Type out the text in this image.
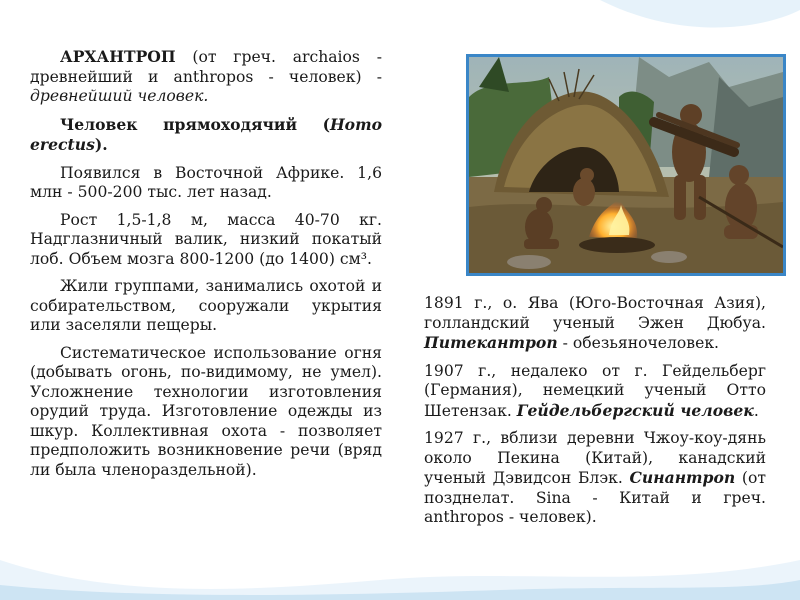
АРХАНТРОП (от греч. archaios - древнейший и anthropos - человек) - древнейший человек.

Человек прямоходячий (Homo erectus).

Появился в Восточной Африке. 1,6 млн - 500-200 тыс. лет назад.

Рост 1,5-1,8 м, масса 40-70 кг. Надглазничный валик, низкий покатый лоб. Объем мозга 800-1200 (до 1400) см³.

Жили группами, занимались охотой и собирательством, сооружали укрытия или заселяли пещеры.

Систематическое использование огня (добывать огонь, по-видимому, не умел). Усложнение технологии изготовления орудий труда. Изготовление одежды из шкур. Коллективная охота - позволяет предположить возникновение речи (вряд ли была членораздельной).

1891 г., о. Ява (Юго-Восточная Азия), голландский ученый Эжен Дюбуа. Питекантроп - обезьяночеловек.

1907 г., недалеко от г. Гейдельберг (Германия), немецкий ученый Отто Шетензак. Гейдельбергский человек.

1927 г., вблизи деревни Чжоу-коу-дянь около Пекина (Китай), канадский ученый Дэвидсон Блэк. Синантроп (от позднелат. Sina - Китай и греч. anthropos - человек).
